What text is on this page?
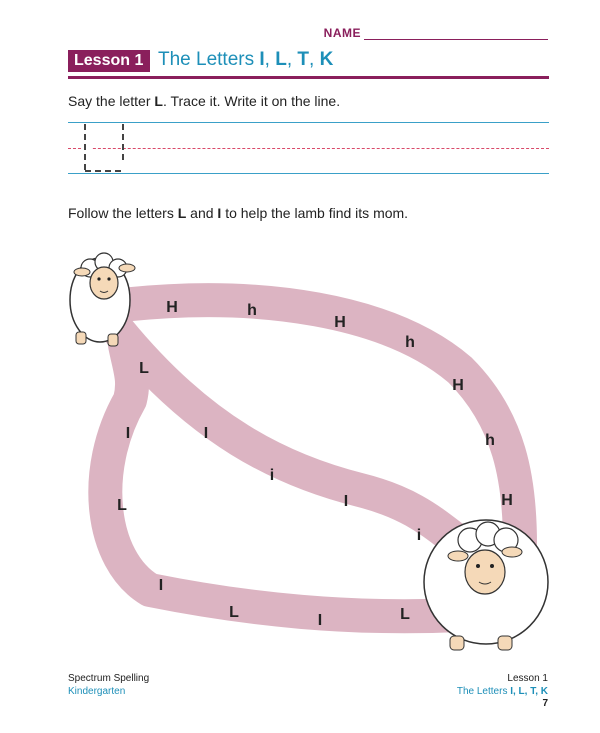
NAME
Lesson 1 The Letters I, L, T, K
Say the letter L. Trace it. Write it on the line.
Follow the letters L and I to help the lamb find its mom.
H	h
H
h
H
h
H
L
I
i
I
i
I
L
I
L	I	L
Spectrum Spelling
Kindergarten
Lesson 1
The Letters I, L, T, K
7
